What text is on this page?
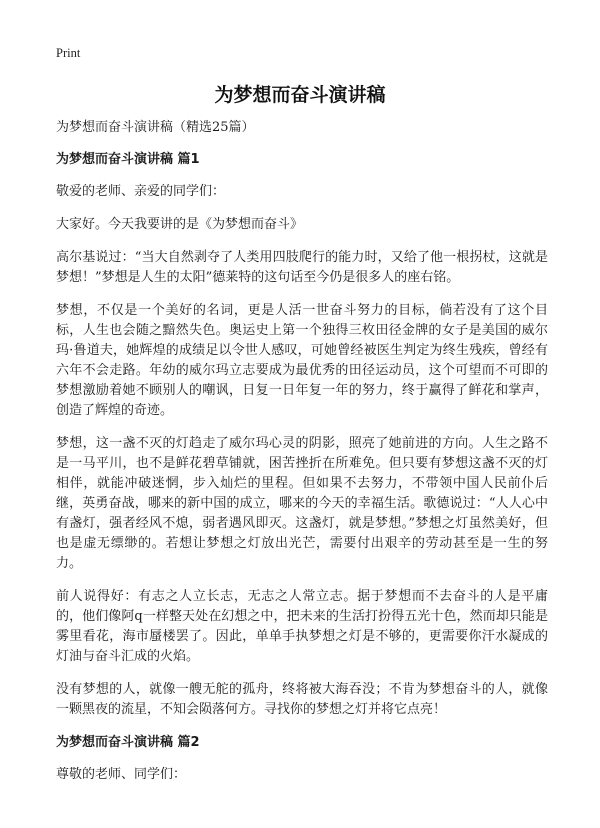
Print
为梦想而奋斗演讲稿

为梦想而奋斗演讲稿（精选25篇）

为梦想而奋斗演讲稿 篇1

敬爱的老师、亲爱的同学们：

大家好。今天我要讲的是《为梦想而奋斗》

高尔基说过：“当大自然剥夺了人类用四肢爬行的能力时，又给了他一根拐杖，这就是梦想！”梦想是人生的太阳”德莱特的这句话至今仍是很多人的座右铭。

梦想，不仅是一个美好的名词，更是人活一世奋斗努力的目标，倘若没有了这个目标，人生也会随之黯然失色。奥运史上第一个独得三枚田径金牌的女子是美国的威尔玛·鲁道夫，她辉煌的成绩足以令世人感叹，可她曾经被医生判定为终生残疾，曾经有六年不会走路。年幼的威尔玛立志要成为最优秀的田径运动员，这个可望而不可即的梦想激励着她不顾别人的嘲讽，日复一日年复一年的努力，终于赢得了鲜花和掌声，创造了辉煌的奇迹。

梦想，这一盏不灭的灯趋走了威尔玛心灵的阴影，照亮了她前进的方向。人生之路不是一马平川，也不是鲜花碧草铺就，困苦挫折在所难免。但只要有梦想这盏不灭的灯相伴，就能冲破迷惘，步入灿烂的里程。但如果不去努力，不带领中国人民前仆后继，英勇奋战，哪来的新中国的成立，哪来的今天的幸福生活。歌德说过：“人人心中有盏灯，强者经风不熄，弱者遇风即灭。这盏灯，就是梦想。”梦想之灯虽然美好，但也是虚无缥缈的。若想让梦想之灯放出光芒，需要付出艰辛的劳动甚至是一生的努力。

前人说得好：有志之人立长志，无志之人常立志。据于梦想而不去奋斗的人是平庸的，他们像阿q一样整天处在幻想之中，把未来的生活打扮得五光十色，然而却只能是雾里看花，海市蜃楼罢了。因此，单单手执梦想之灯是不够的，更需要你汗水凝成的灯油与奋斗汇成的火焰。

没有梦想的人，就像一艘无舵的孤舟，终将被大海吞没；不肯为梦想奋斗的人，就像一颗黑夜的流星，不知会陨落何方。寻找你的梦想之灯并将它点亮！

为梦想而奋斗演讲稿 篇2

尊敬的老师、同学们：
